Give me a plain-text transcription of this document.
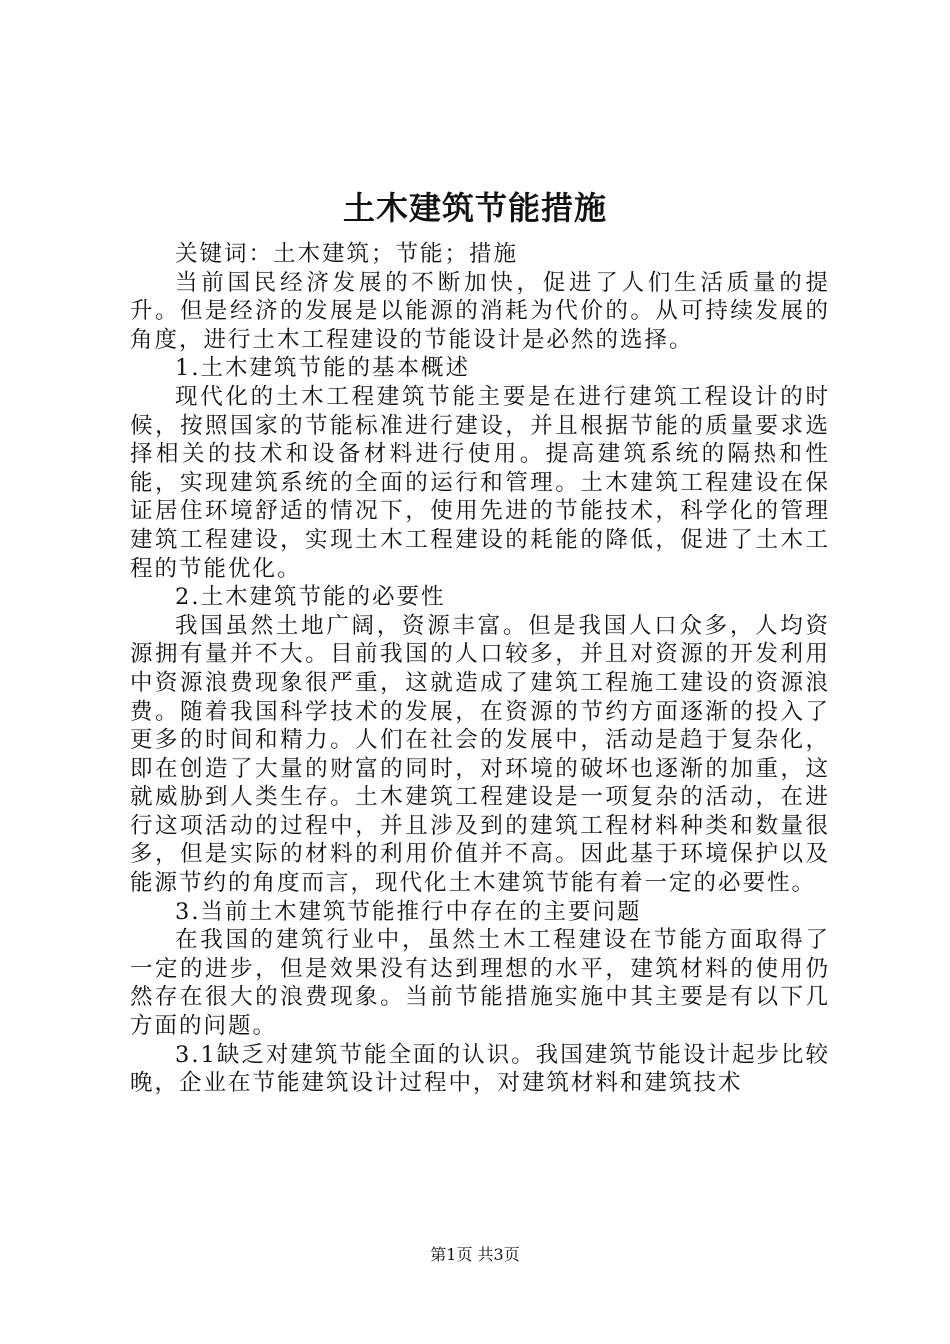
土木建筑节能措施

关键词：土木建筑；节能；措施

当前国民经济发展的不断加快，促进了人们生活质量的提升。但是经济的发展是以能源的消耗为代价的。从可持续发展的角度，进行土木工程建设的节能设计是必然的选择。

1.土木建筑节能的基本概述

现代化的土木工程建筑节能主要是在进行建筑工程设计的时候，按照国家的节能标准进行建设，并且根据节能的质量要求选择相关的技术和设备材料进行使用。提高建筑系统的隔热和性能，实现建筑系统的全面的运行和管理。土木建筑工程建设在保证居住环境舒适的情况下，使用先进的节能技术，科学化的管理建筑工程建设，实现土木工程建设的耗能的降低，促进了土木工程的节能优化。

2.土木建筑节能的必要性

我国虽然土地广阔，资源丰富。但是我国人口众多，人均资源拥有量并不大。目前我国的人口较多，并且对资源的开发利用中资源浪费现象很严重，这就造成了建筑工程施工建设的资源浪费。随着我国科学技术的发展，在资源的节约方面逐渐的投入了更多的时间和精力。人们在社会的发展中，活动是趋于复杂化，即在创造了大量的财富的同时，对环境的破坏也逐渐的加重，这就威胁到人类生存。土木建筑工程建设是一项复杂的活动，在进行这项活动的过程中，并且涉及到的建筑工程材料种类和数量很多，但是实际的材料的利用价值并不高。因此基于环境保护以及能源节约的角度而言，现代化土木建筑节能有着一定的必要性。

3.当前土木建筑节能推行中存在的主要问题

在我国的建筑行业中，虽然土木工程建设在节能方面取得了一定的进步，但是效果没有达到理想的水平，建筑材料的使用仍然存在很大的浪费现象。当前节能措施实施中其主要是有以下几方面的问题。

3.1缺乏对建筑节能全面的认识。我国建筑节能设计起步比较晚，企业在节能建筑设计过程中，对建筑材料和建筑技术

第1页 共3页
